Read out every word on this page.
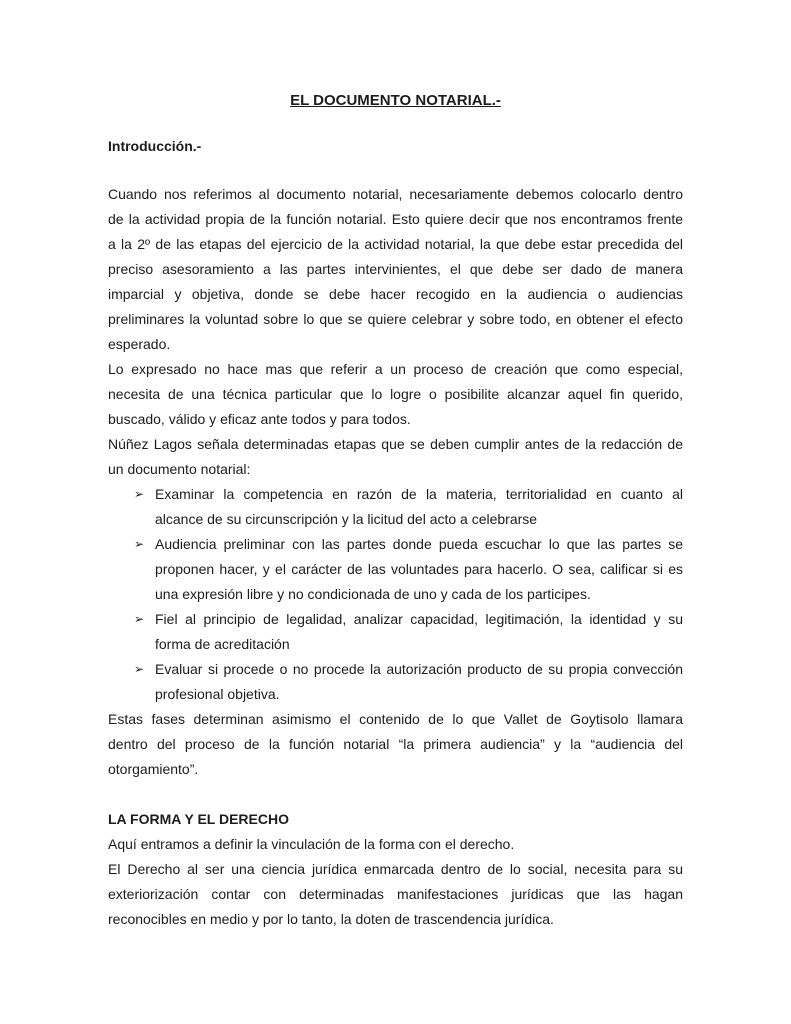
EL DOCUMENTO NOTARIAL.-
Introducción.-
Cuando nos referimos al documento notarial, necesariamente debemos colocarlo dentro
de la actividad propia de la función notarial. Esto quiere decir que nos encontramos frente
a la 2º de las etapas del ejercicio de la actividad notarial, la que debe estar precedida del
preciso asesoramiento a las partes intervinientes, el que debe ser dado de manera
imparcial y objetiva, donde se debe hacer recogido en la audiencia o audiencias
preliminares la voluntad sobre lo que se quiere celebrar y sobre todo, en obtener el efecto
esperado.
Lo expresado no hace mas que referir a un proceso de creación que como especial,
necesita de una técnica particular que lo logre o posibilite alcanzar aquel fin querido,
buscado, válido y eficaz ante todos y para todos.
Núñez Lagos señala determinadas etapas que se deben cumplir antes de la redacción de
un documento notarial:
➢ Examinar la competencia en razón de la materia, territorialidad en cuanto al
alcance de su circunscripción y la licitud del acto a celebrarse
➢ Audiencia preliminar con las partes donde pueda escuchar lo que las partes se
proponen hacer, y el carácter de las voluntades para hacerlo. O sea, calificar si es
una expresión libre y no condicionada de uno y cada de los participes.
➢ Fiel al principio de legalidad, analizar capacidad, legitimación, la identidad y su
forma de acreditación
➢ Evaluar si procede o no procede la autorización producto de su propia convección
profesional objetiva.
Estas fases determinan asimismo el contenido de lo que Vallet de Goytisolo llamara
dentro del proceso de la función notarial “la primera audiencia” y la “audiencia del
otorgamiento”.
LA FORMA Y EL DERECHO
Aquí entramos a definir la vinculación de la forma con el derecho.
El Derecho al ser una ciencia jurídica enmarcada dentro de lo social, necesita para su
exteriorización contar con determinadas manifestaciones jurídicas que las hagan
reconocibles en medio y por lo tanto, la doten de trascendencia jurídica.
